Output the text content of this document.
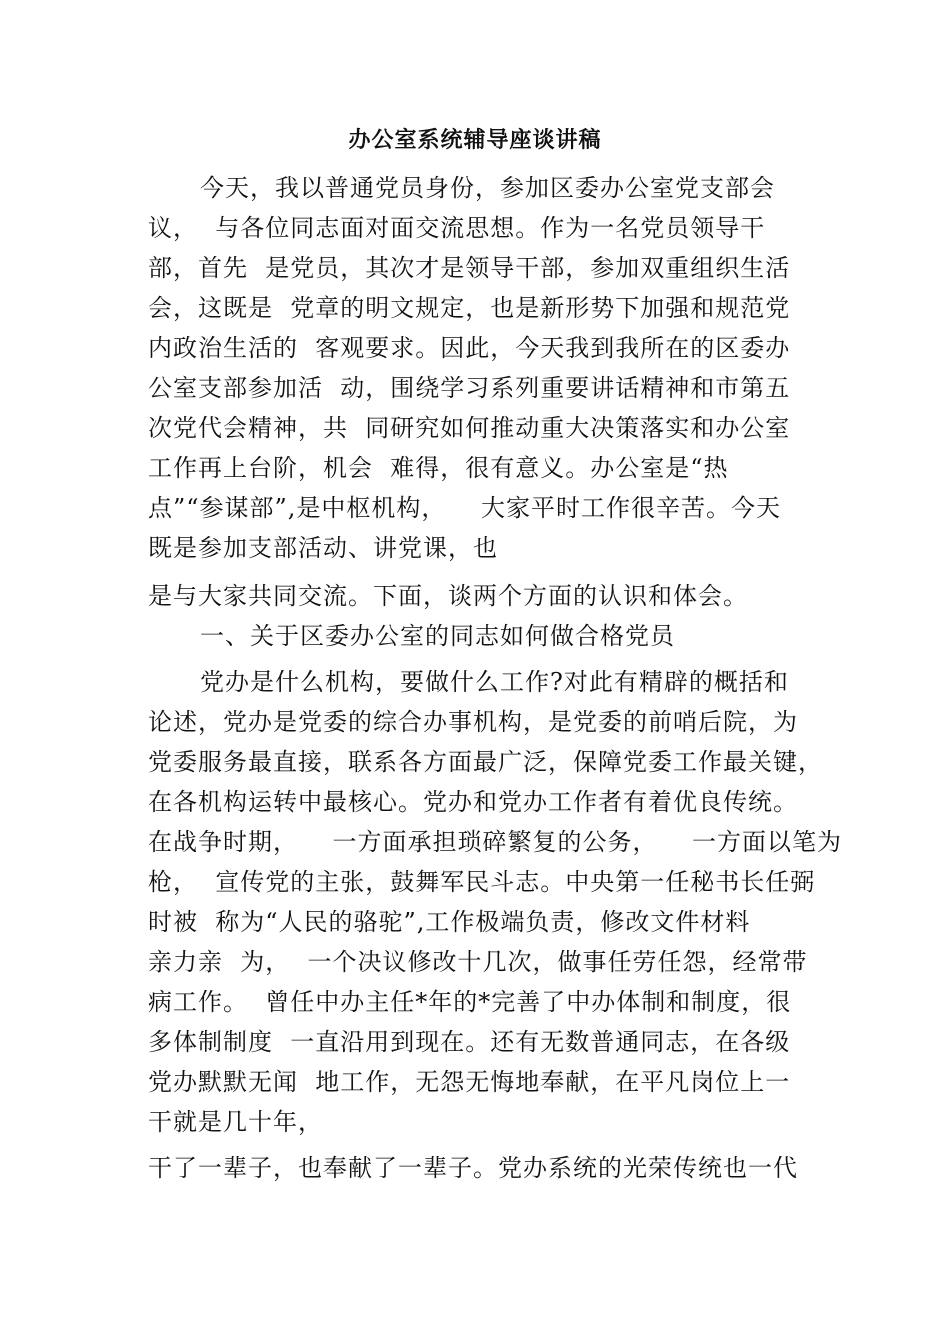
办公室系统辅导座谈讲稿
今天，我以普通党员身份，参加区委办公室党支部会
议，  与各位同志面对面交流思想。作为一名党员领导干
部，首先  是党员，其次才是领导干部，参加双重组织生活
会，这既是  党章的明文规定，也是新形势下加强和规范党
内政治生活的  客观要求。因此，今天我到我所在的区委办
公室支部参加活  动，围绕学习系列重要讲话精神和市第五
次党代会精神，共  同研究如何推动重大决策落实和办公室
工作再上台阶，机会  难得，很有意义。办公室是“热
点”“参谋部”,是中枢机构，    大家平时工作很辛苦。今天
既是参加支部活动、讲党课，也
是与大家共同交流。下面，谈两个方面的认识和体会。
一、关于区委办公室的同志如何做合格党员
党办是什么机构，要做什么工作?对此有精辟的概括和
论述，党办是党委的综合办事机构，是党委的前哨后院，为
党委服务最直接，联系各方面最广泛，保障党委工作最关键，
在各机构运转中最核心。党办和党办工作者有着优良传统。
在战争时期，    一方面承担琐碎繁复的公务，    一方面以笔为
枪，  宣传党的主张，鼓舞军民斗志。中央第一任秘书长任弼
时被  称为“人民的骆驼”,工作极端负责，修改文件材料
亲力亲  为，  一个决议修改十几次，做事任劳任怨，经常带
病工作。  曾任中办主任*年的*完善了中办体制和制度，很
多体制制度  一直沿用到现在。还有无数普通同志，在各级
党办默默无闻  地工作，无怨无悔地奉献，在平凡岗位上一
干就是几十年，
干了一辈子，也奉献了一辈子。党办系统的光荣传统也一代
